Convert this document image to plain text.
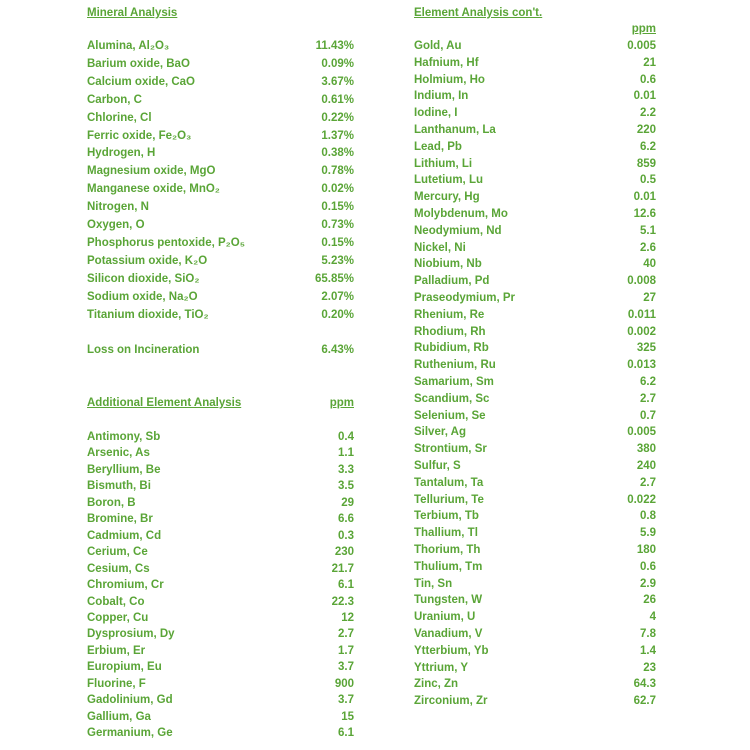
Mineral Analysis
Alumina, Al₂O₃	11.43%
Barium oxide, BaO	0.09%
Calcium oxide, CaO	3.67%
Carbon, C	0.61%
Chlorine, Cl	0.22%
Ferric oxide, Fe₂O₃	1.37%
Hydrogen, H	0.38%
Magnesium oxide, MgO	0.78%
Manganese oxide, MnO₂	0.02%
Nitrogen, N	0.15%
Oxygen, O	0.73%
Phosphorus pentoxide, P₂O₅	0.15%
Potassium oxide, K₂O	5.23%
Silicon dioxide, SiO₂	65.85%
Sodium oxide, Na₂O	2.07%
Titanium dioxide, TiO₂	0.20%
Loss on Incineration	6.43%
Additional Element Analysis	ppm
Antimony, Sb	0.4
Arsenic, As	1.1
Beryllium, Be	3.3
Bismuth, Bi	3.5
Boron, B	29
Bromine, Br	6.6
Cadmium, Cd	0.3
Cerium, Ce	230
Cesium, Cs	21.7
Chromium, Cr	6.1
Cobalt, Co	22.3
Copper, Cu	12
Dysprosium, Dy	2.7
Erbium, Er	1.7
Europium, Eu	3.7
Fluorine, F	900
Gadolinium, Gd	3.7
Gallium, Ga	15
Germanium, Ge	6.1
Element Analysis con't.
ppm
Gold, Au	0.005
Hafnium, Hf	21
Holmium, Ho	0.6
Indium, In	0.01
Iodine, I	2.2
Lanthanum, La	220
Lead, Pb	6.2
Lithium, Li	859
Lutetium, Lu	0.5
Mercury, Hg	0.01
Molybdenum, Mo	12.6
Neodymium, Nd	5.1
Nickel, Ni	2.6
Niobium, Nb	40
Palladium, Pd	0.008
Praseodymium, Pr	27
Rhenium, Re	0.011
Rhodium, Rh	0.002
Rubidium, Rb	325
Ruthenium, Ru	0.013
Samarium, Sm	6.2
Scandium, Sc	2.7
Selenium, Se	0.7
Silver, Ag	0.005
Strontium, Sr	380
Sulfur, S	240
Tantalum, Ta	2.7
Tellurium, Te	0.022
Terbium, Tb	0.8
Thallium, Tl	5.9
Thorium, Th	180
Thulium, Tm	0.6
Tin, Sn	2.9
Tungsten, W	26
Uranium, U	4
Vanadium, V	7.8
Ytterbium, Yb	1.4
Yttrium, Y	23
Zinc, Zn	64.3
Zirconium, Zr	62.7
